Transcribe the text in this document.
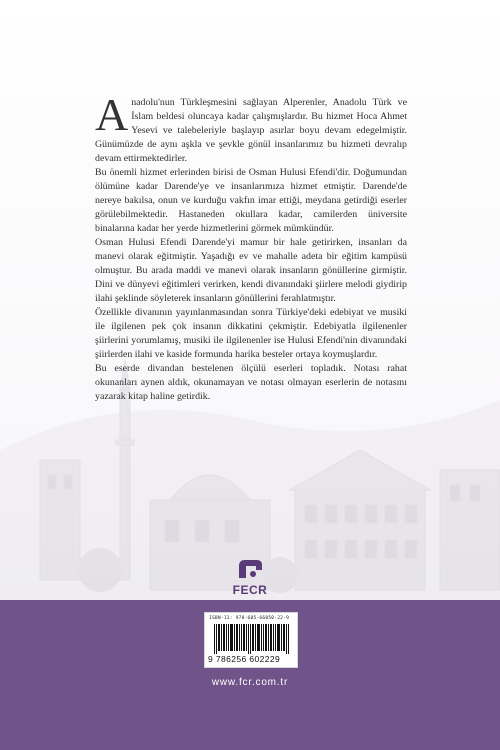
Anadolu'nun Türkleşmesini sağlayan Alperenler, Anadolu Türk ve İslam beldesi oluncaya kadar çalışmışlardır. Bu hizmet Hoca Ahmet Yesevi ve talebeleriyle başlayıp asırlar boyu devam edegelmiştir. Günümüzde de aynı aşkla ve şevkle gönül insanlarımız bu hizmeti devralıp devam ettirmektedirler.

Bu önemli hizmet erlerinden birisi de Osman Hulusi Efendi'dir. Doğumundan ölümüne kadar Darende'ye ve insanlarımıza hizmet etmiştir. Darende'de nereye bakılsa, onun ve kurduğu vakfın imar ettiği, meydana getirdiği eserler görülebilmektedir. Hastaneden okullara kadar, camilerden üniversite binalarına kadar her yerde hizmetlerini görmek mümkündür.

Osman Hulusi Efendi Darende'yi mamur bir hale getirirken, insanları da manevi olarak eğitmiştir. Yaşadığı ev ve mahalle adeta bir eğitim kampüsü olmuştur. Bu arada maddi ve manevi olarak insanların gönüllerine girmiştir. Dini ve dünyevi eğitimleri verirken, kendi divanındaki şiirlere melodi giydirip ilahi şeklinde söyleterek insanların gönüllerini ferahlatmıştır.

Özellikle divanının yayınlanmasından sonra Türkiye'deki edebiyat ve musiki ile ilgilenen pek çok insanın dikkatini çekmiştir. Edebiyatla ilgilenenler şiirlerini yorumlamış, musiki ile ilgilenenler ise Hulusi Efendi'nin divanındaki şiirlerden ilahi ve kaside formunda harika besteler ortaya koymuşlardır.

Bu eserde divandan bestelenen ölçülü eserleri topladık. Notası rahat okunanları aynen aldık, okunamayan ve notası olmayan eserlerin de notasını yazarak kitap haline getirdik.

FECR
ISBN-13: 978-605-66050-22-9
9 786256 602229
www.fcr.com.tr
